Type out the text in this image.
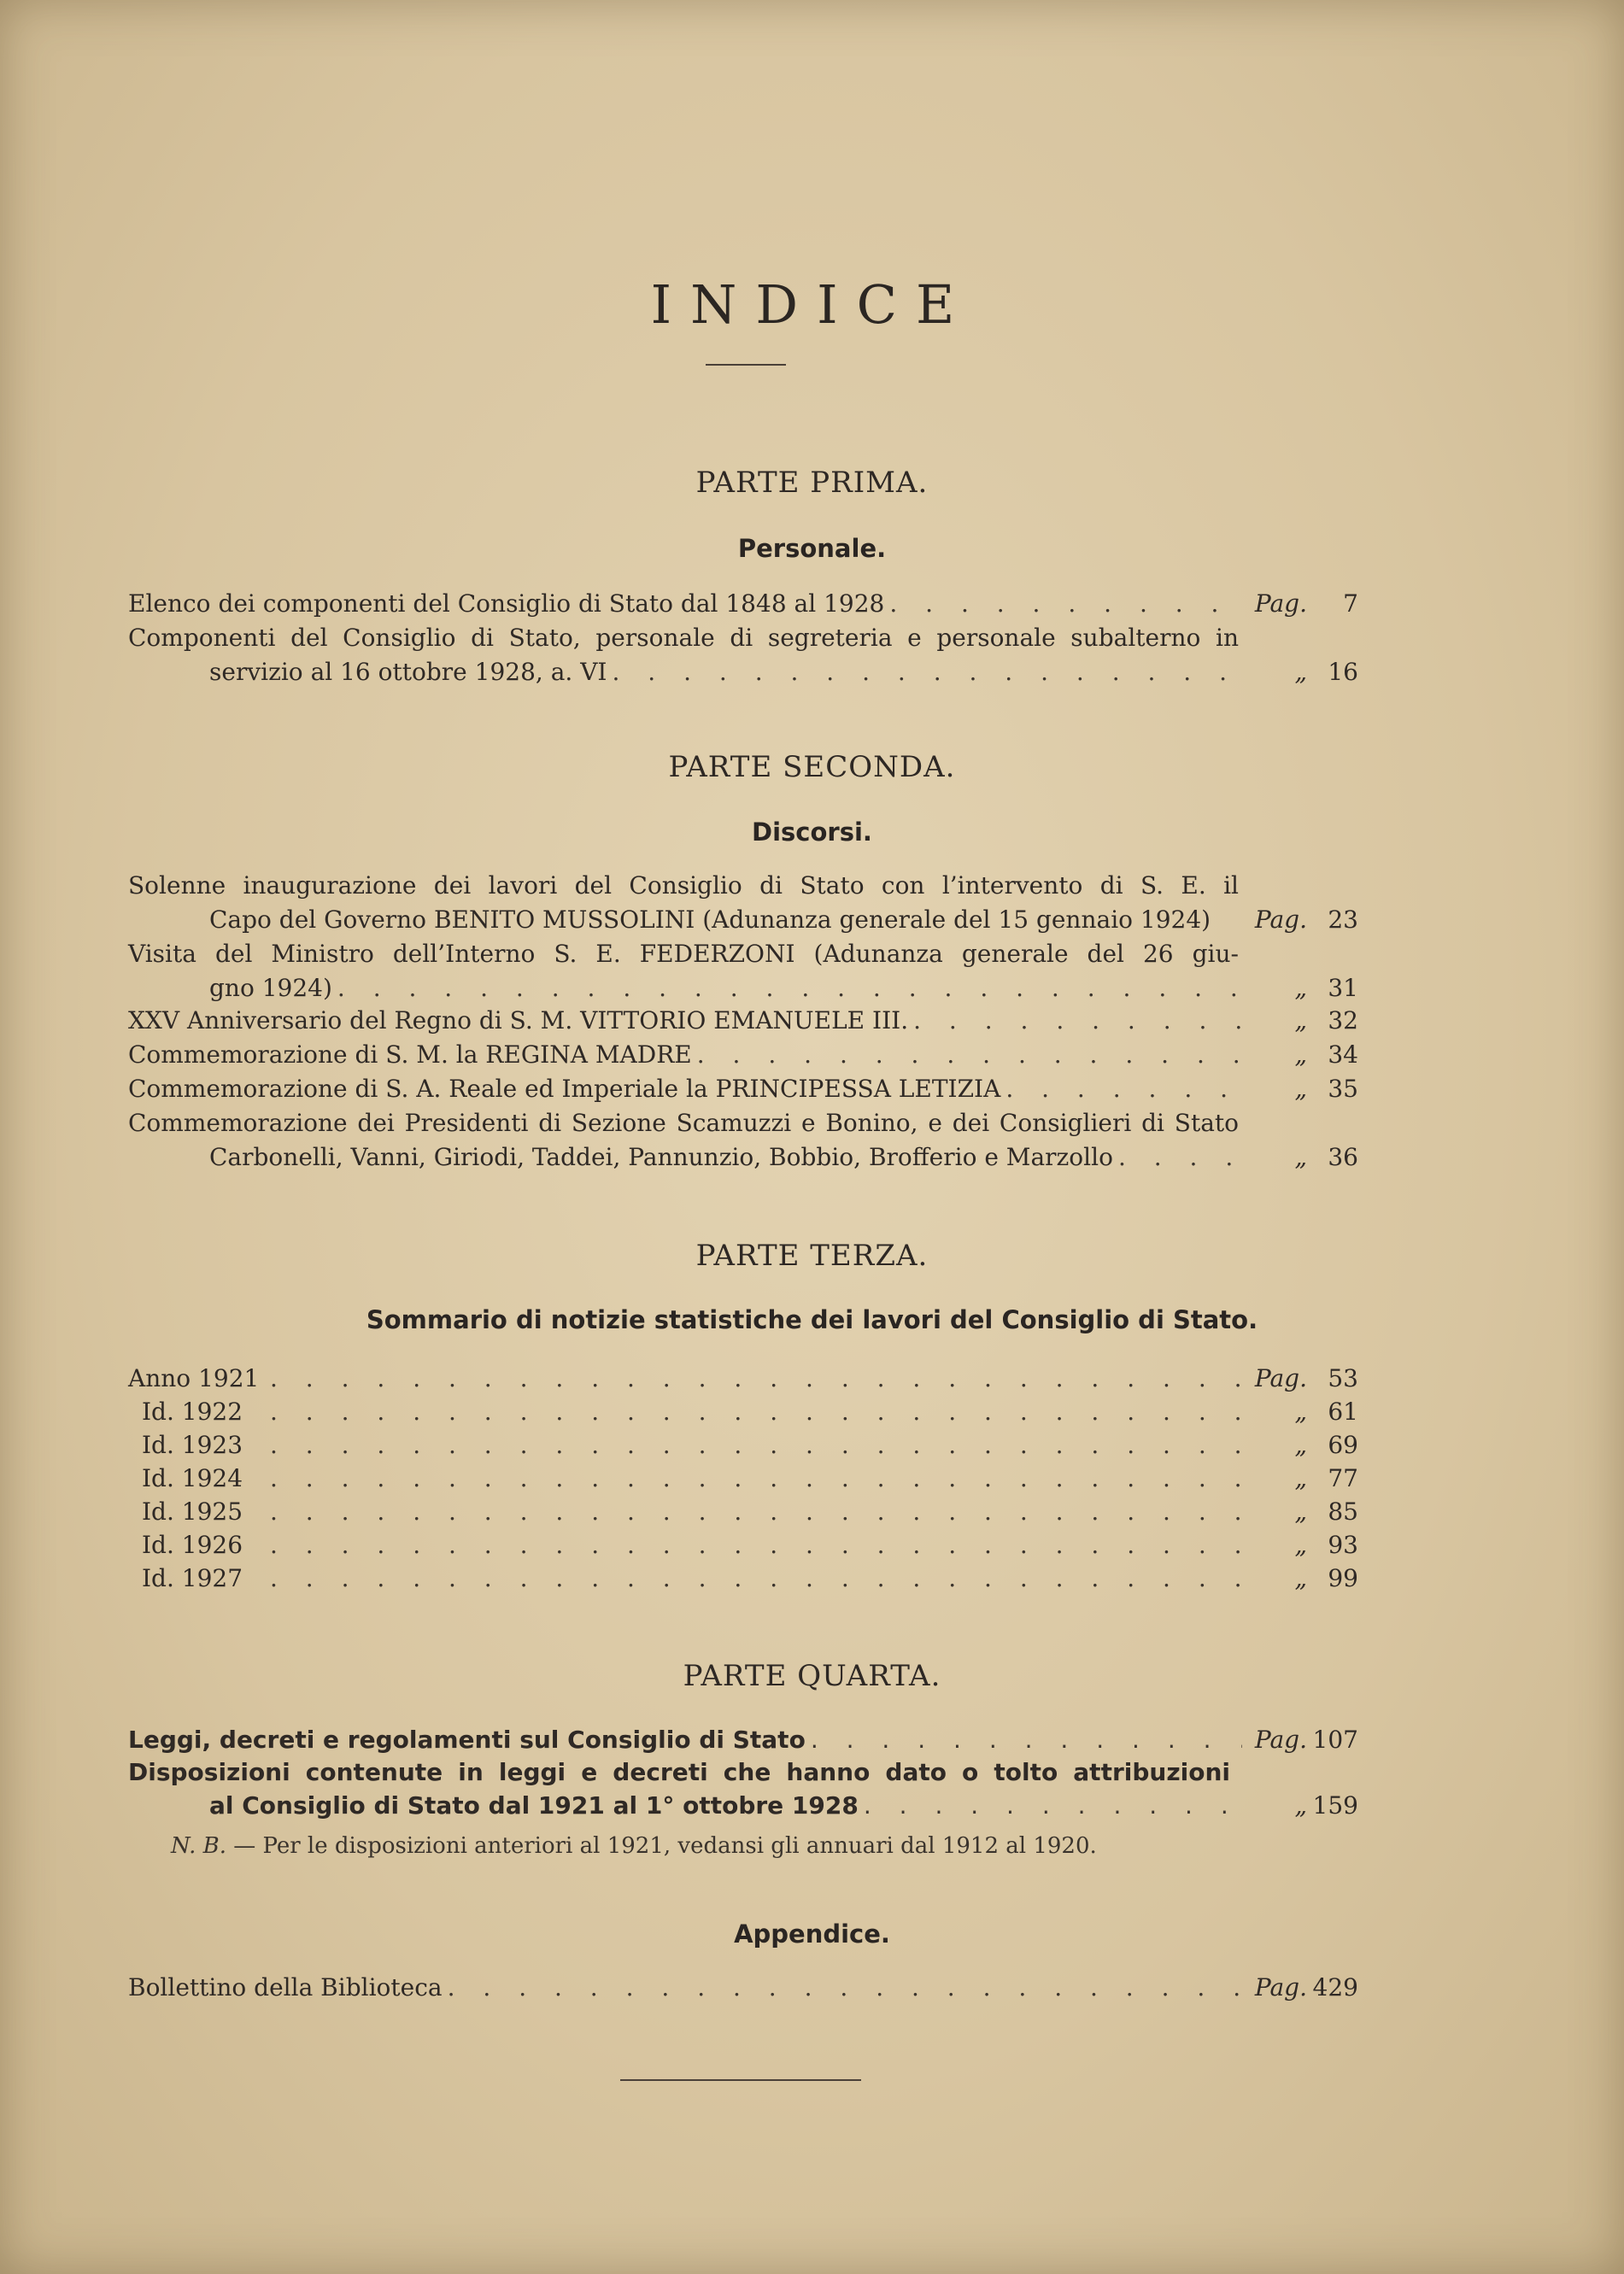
INDICE
PARTE PRIMA.
Personale.
Elenco dei componenti del Consiglio di Stato dal 1848 al 1928 . . .	Pag.	7
Componenti del Consiglio di Stato, personale di segreteria e personale subalterno in
servizio al 16 ottobre 1928, a. VI . . .	„ 16
PARTE SECONDA.
Discorsi.
Solenne inaugurazione dei lavori del Consiglio di Stato con l’intervento di S. E. il
Capo del Governo BENITO MUSSOLINI (Adunanza generale del 15 gennaio 1924)	Pag. 23
Visita del Ministro dell’Interno S. E. FEDERZONI (Adunanza generale del 26 giu-
gno 1924) . . .	„ 31
XXV Anniversario del Regno di S. M. VITTORIO EMANUELE III. . . .	„ 32
Commemorazione di S. M. la REGINA MADRE . . .	„ 34
Commemorazione di S. A. Reale ed Imperiale la PRINCIPESSA LETIZIA . . .	„ 35
Commemorazione dei Presidenti di Sezione Scamuzzi e Bonino, e dei Consiglieri di Stato
Carbonelli, Vanni, Giriodi, Taddei, Pannunzio, Bobbio, Brofferio e Marzollo . . .	„ 36
PARTE TERZA.
Sommario di notizie statistiche dei lavori del Consiglio di Stato.
Anno 1921 . . .	Pag. 53
Id. 1922 . . .	„ 61
Id. 1923 . . .	„ 69
Id. 1924 . . .	„ 77
Id. 1925 . . .	„ 85
Id. 1926 . . .	„ 93
Id. 1927 . . .	„ 99
PARTE QUARTA.
Leggi, decreti e regolamenti sul Consiglio di Stato . . .	Pag. 107
Disposizioni contenute in leggi e decreti che hanno dato o tolto attribuzioni
al Consiglio di Stato dal 1921 al 1° ottobre 1928 . . .	„ 159
N. B. — Per le disposizioni anteriori al 1921, vedansi gli annuari dal 1912 al 1920.
Appendice.
Bollettino della Biblioteca . . .	Pag. 429
